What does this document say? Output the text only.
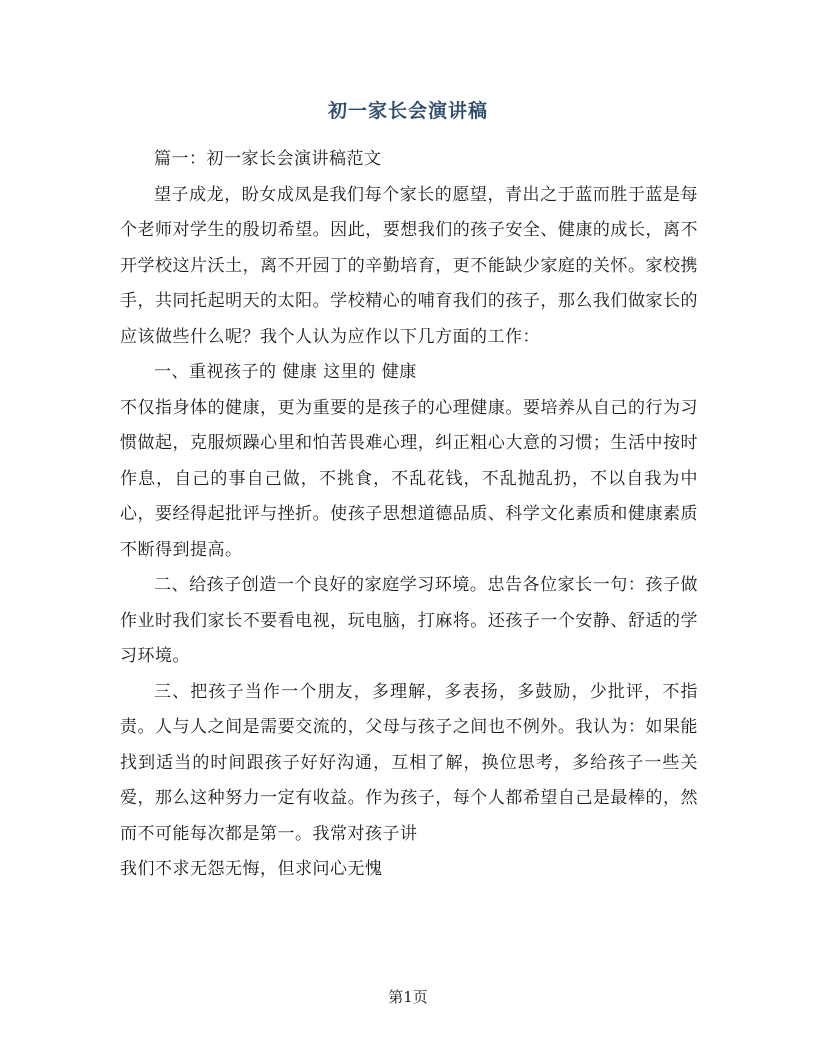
初一家长会演讲稿

篇一：初一家长会演讲稿范文

望子成龙，盼女成凤是我们每个家长的愿望，青出之于蓝而胜于蓝是每个老师对学生的殷切希望。因此，要想我们的孩子安全、健康的成长，离不开学校这片沃土，离不开园丁的辛勤培育，更不能缺少家庭的关怀。家校携手，共同托起明天的太阳。学校精心的哺育我们的孩子，那么我们做家长的应该做些什么呢？我个人认为应作以下几方面的工作：

一、重视孩子的 健康 这里的 健康

不仅指身体的健康，更为重要的是孩子的心理健康。要培养从自己的行为习惯做起，克服烦躁心里和怕苦畏难心理，纠正粗心大意的习惯；生活中按时作息，自己的事自己做，不挑食，不乱花钱，不乱抛乱扔，不以自我为中心，要经得起批评与挫折。使孩子思想道德品质、科学文化素质和健康素质不断得到提高。

二、给孩子创造一个良好的家庭学习环境。忠告各位家长一句：孩子做作业时我们家长不要看电视，玩电脑，打麻将。还孩子一个安静、舒适的学习环境。

三、把孩子当作一个朋友，多理解，多表扬，多鼓励，少批评，不指责。人与人之间是需要交流的，父母与孩子之间也不例外。我认为：如果能找到适当的时间跟孩子好好沟通，互相了解，换位思考，多给孩子一些关爱，那么这种努力一定有收益。作为孩子，每个人都希望自己是最棒的，然而不可能每次都是第一。我常对孩子讲

我们不求无怨无悔，但求问心无愧

第1页
